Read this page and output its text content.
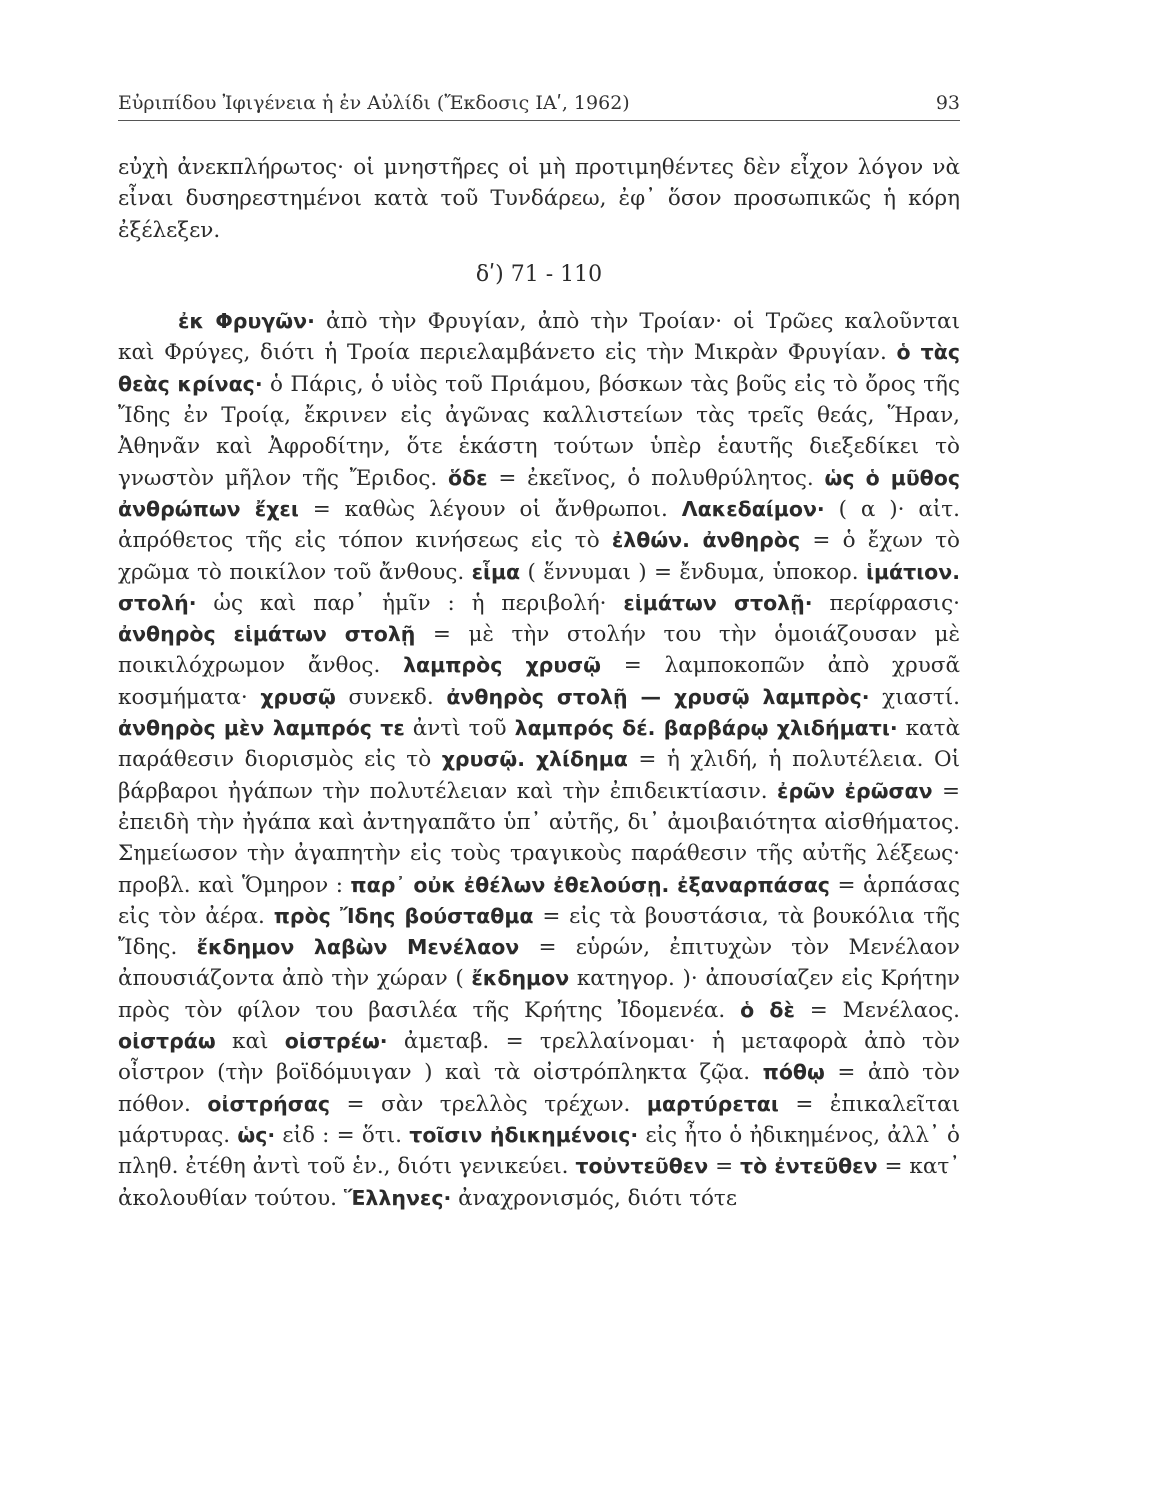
Εὐριπίδου Ἰφιγένεια ἡ ἐν Αὐλίδι (Ἔκδοσις ΙΑʹ, 1962)	93

εὐχὴ ἀνεκπλήρωτος· οἱ μνηστῆρες οἱ μὴ προτιμηθέντες δὲν εἶχον λόγον νὰ εἶναι δυσηρεστημένοι κατὰ τοῦ Τυνδάρεω, ἐφ᾽ ὅσον προσωπικῶς ἡ κόρη ἐξέλεξεν.

δʹ) 71 - 110

ἐκ Φρυγῶν· ἀπὸ τὴν Φρυγίαν, ἀπὸ τὴν Τροίαν· οἱ Τρῶες καλοῦνται καὶ Φρύγες, διότι ἡ Τροία περιελαμβάνετο εἰς τὴν Μικρὰν Φρυγίαν. ὁ τὰς θεὰς κρίνας· ὁ Πάρις, ὁ υἱὸς τοῦ Πριάμου, βόσκων τὰς βοῦς εἰς τὸ ὄρος τῆς Ἴδης ἐν Τροίᾳ, ἔκρινεν εἰς ἀγῶνας καλλιστείων τὰς τρεῖς θεάς, Ἥραν, Ἀθηνᾶν καὶ Ἀφροδίτην, ὅτε ἑκάστη τούτων ὑπὲρ ἑαυτῆς διεξεδίκει τὸ γνωστὸν μῆλον τῆς Ἔριδος. ὅδε = ἐκεῖνος, ὁ πολυθρύλητος. ὡς ὁ μῦθος ἀνθρώπων ἔχει = καθὼς λέγουν οἱ ἄνθρωποι. Λακεδαίμον· ( α )· αἰτ. ἀπρόθετος τῆς εἰς τόπον κινήσεως εἰς τὸ ἐλθών. ἀνθηρὸς = ὁ ἔχων τὸ χρῶμα τὸ ποικίλον τοῦ ἄνθους. εἷμα ( ἕννυμαι ) = ἔνδυμα, ὑποκορ. ἱμάτιον. στολή· ὡς καὶ παρ᾽ ἡμῖν : ἡ περιβολή· εἱμάτων στολῇ· περίφρασις· ἀνθηρὸς εἱμάτων στολῇ = μὲ τὴν στολήν του τὴν ὁμοιάζουσαν μὲ ποικιλόχρωμον ἄνθος. λαμπρὸς χρυσῷ = λαμποκοπῶν ἀπὸ χρυσᾶ κοσμήματα· χρυσῷ συνεκδ. ἀνθηρὸς στολῇ — χρυσῷ λαμπρὸς· χιαστί. ἀνθηρὸς μὲν λαμπρός τε ἀντὶ τοῦ λαμπρός δέ. βαρβάρῳ χλιδήματι· κατὰ παράθεσιν διορισμὸς εἰς τὸ χρυσῷ. χλίδημα = ἡ χλιδή, ἡ πολυτέλεια. Οἱ βάρβαροι ἠγάπων τὴν πολυτέλειαν καὶ τὴν ἐπιδεικτίασιν. ἐρῶν ἐρῶσαν = ἐπειδὴ τὴν ἠγάπα καὶ ἀντηγαπᾶτο ὑπ᾽ αὐτῆς, δι᾽ ἀμοιβαιότητα αἰσθήματος. Σημείωσον τὴν ἀγαπητὴν εἰς τοὺς τραγικοὺς παράθεσιν τῆς αὐτῆς λέξεως· προβλ. καὶ Ὅμηρον : παρ᾽ οὐκ ἐθέλων ἐθελούσῃ. ἐξαναρπάσας = ἁρπάσας εἰς τὸν ἀέρα. πρὸς Ἴδης βούσταθμα = εἰς τὰ βουστάσια, τὰ βουκόλια τῆς Ἴδης. ἔκδημον λαβὼν Μενέλαον = εὑρών, ἐπιτυχὼν τὸν Μενέλαον ἀπουσιάζοντα ἀπὸ τὴν χώραν ( ἔκδημον κατηγορ. )· ἀπουσίαζεν εἰς Κρήτην πρὸς τὸν φίλον του βασιλέα τῆς Κρήτης Ἰδομενέα. ὁ δὲ = Μενέλαος. οἰστράω καὶ οἰστρέω· ἀμεταβ. = τρελλαίνομαι· ἡ μεταφορὰ ἀπὸ τὸν οἶστρον (τὴν βοϊδόμυιγαν ) καὶ τὰ οἰστρόπληκτα ζῷα. πόθῳ = ἀπὸ τὸν πόθον. οἰστρήσας = σὰν τρελλὸς τρέχων. μαρτύρεται = ἐπικαλεῖται μάρτυρας. ὡς· εἰδ : = ὅτι. τοῖσιν ἠδικημένοις· εἰς ἦτο ὁ ἠδικημένος, ἀλλ᾽ ὁ πληθ. ἐτέθη ἀντὶ τοῦ ἑν., διότι γενικεύει. τοὐντεῦθεν = τὸ ἐντεῦθεν = κατ᾽ ἀκολουθίαν τούτου. Ἕλληνες· ἀναχρονισμός, διότι τότε
